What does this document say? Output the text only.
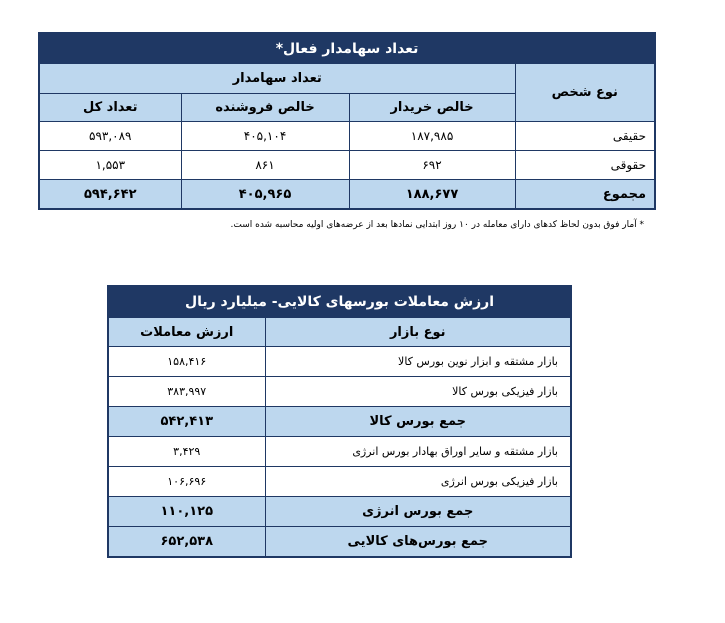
تعداد سهامدار فعال*			
نوع شخص	تعداد سهامدار		
	خالص خریدار	خالص فروشنده	تعداد کل
حقیقی	۱۸۷,۹۸۵	۴۰۵,۱۰۴	۵۹۳,۰۸۹
حقوقی	۶۹۲	۸۶۱	۱,۵۵۳
مجموع	۱۸۸,۶۷۷	۴۰۵,۹۶۵	۵۹۴,۶۴۲
* آمار فوق بدون لحاظ کدهای دارای معامله در ۱۰ روز ابتدایی نمادها بعد از عرضه‌های اولیه محاسبه شده است.
ارزش معاملات بورسهای کالایی- میلیارد ریال	
نوع بازار	ارزش معاملات
بازار مشتقه و ابزار نوین بورس کالا	۱۵۸,۴۱۶
بازار فیزیکی بورس کالا	۳۸۳,۹۹۷
جمع بورس کالا	۵۴۲,۴۱۳
بازار مشتقه و سایر اوراق بهادار بورس انرژی	۳,۴۲۹
بازار فیزیکی بورس انرژی	۱۰۶,۶۹۶
جمع بورس انرژی	۱۱۰,۱۲۵
جمع بورس‌های کالایی	۶۵۲,۵۳۸
